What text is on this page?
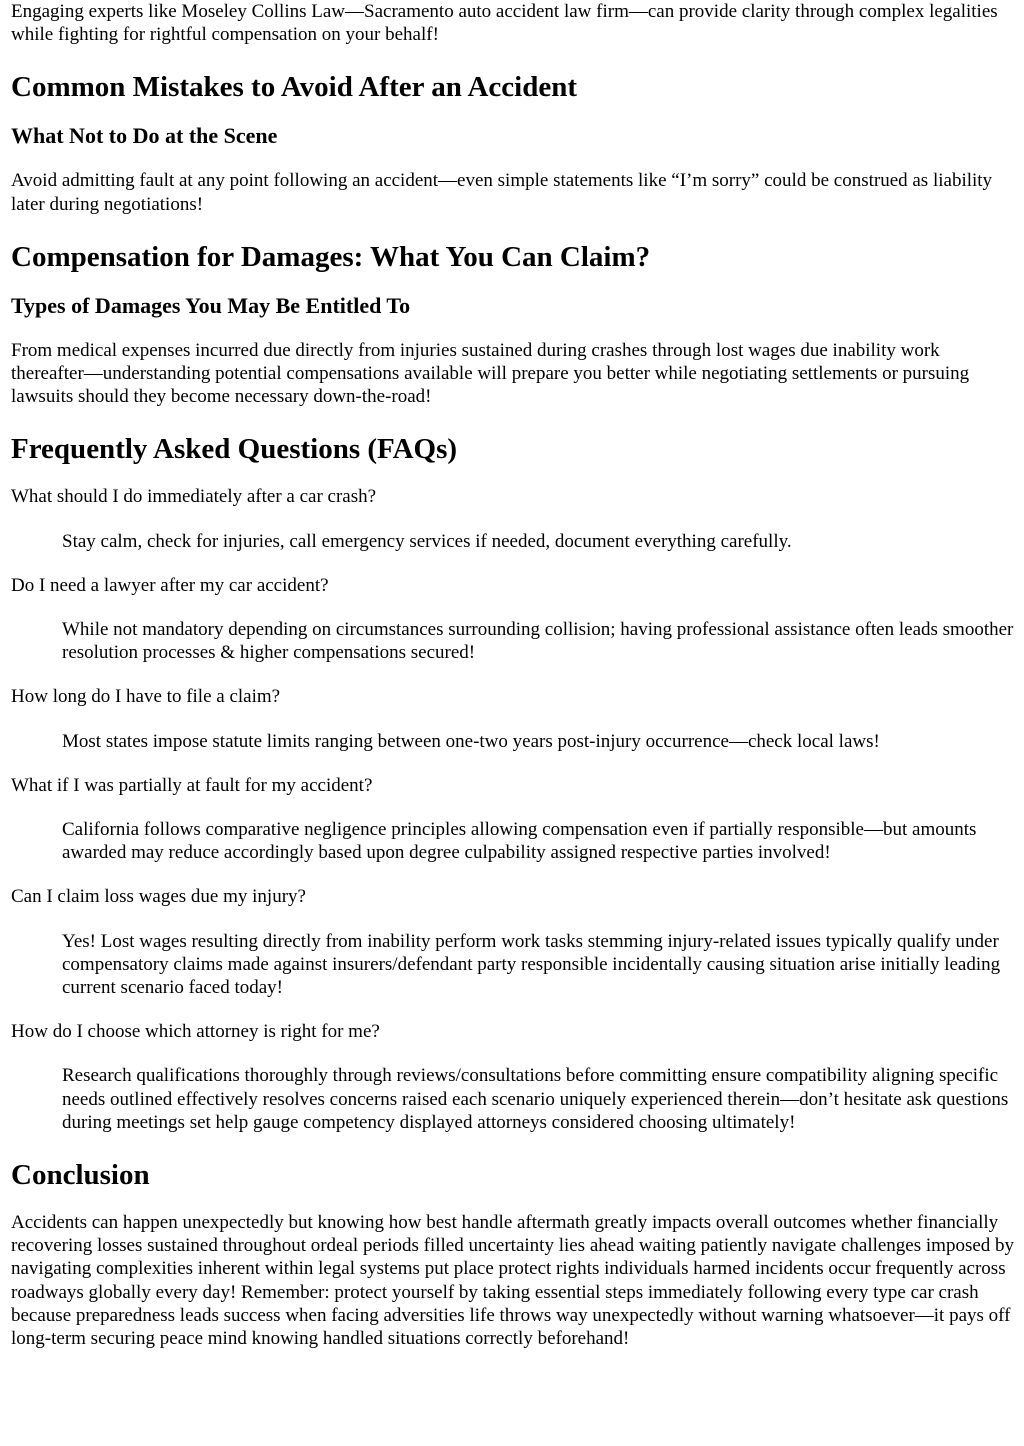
Engaging experts like Moseley Collins Law—Sacramento auto accident law firm—can provide clarity through complex legalities while fighting for rightful compensation on your behalf!

Common Mistakes to Avoid After an Accident
What Not to Do at the Scene

Avoid admitting fault at any point following an accident—even simple statements like “I’m sorry” could be construed as liability later during negotiations!

Compensation for Damages: What You Can Claim?
Types of Damages You May Be Entitled To

From medical expenses incurred due directly from injuries sustained during crashes through lost wages due inability work thereafter—understanding potential compensations available will prepare you better while negotiating settlements or pursuing lawsuits should they become necessary down-the-road!

Frequently Asked Questions (FAQs)
What should I do immediately after a car crash?
Stay calm, check for injuries, call emergency services if needed, document everything carefully.
Do I need a lawyer after my car accident?
While not mandatory depending on circumstances surrounding collision; having professional assistance often leads smoother resolution processes & higher compensations secured!
How long do I have to file a claim?
Most states impose statute limits ranging between one-two years post-injury occurrence—check local laws!
What if I was partially at fault for my accident?
California follows comparative negligence principles allowing compensation even if partially responsible—but amounts awarded may reduce accordingly based upon degree culpability assigned respective parties involved!
Can I claim loss wages due my injury?
Yes! Lost wages resulting directly from inability perform work tasks stemming injury-related issues typically qualify under compensatory claims made against insurers/defendant party responsible incidentally causing situation arise initially leading current scenario faced today!
How do I choose which attorney is right for me?
Research qualifications thoroughly through reviews/consultations before committing ensure compatibility aligning specific needs outlined effectively resolves concerns raised each scenario uniquely experienced therein—don’t hesitate ask questions during meetings set help gauge competency displayed attorneys considered choosing ultimately!
Conclusion

Accidents can happen unexpectedly but knowing how best handle aftermath greatly impacts overall outcomes whether financially recovering losses sustained throughout ordeal periods filled uncertainty lies ahead waiting patiently navigate challenges imposed by navigating complexities inherent within legal systems put place protect rights individuals harmed incidents occur frequently across roadways globally every day! Remember: protect yourself by taking essential steps immediately following every type car crash because preparedness leads success when facing adversities life throws way unexpectedly without warning whatsoever—it pays off long-term securing peace mind knowing handled situations correctly beforehand!
